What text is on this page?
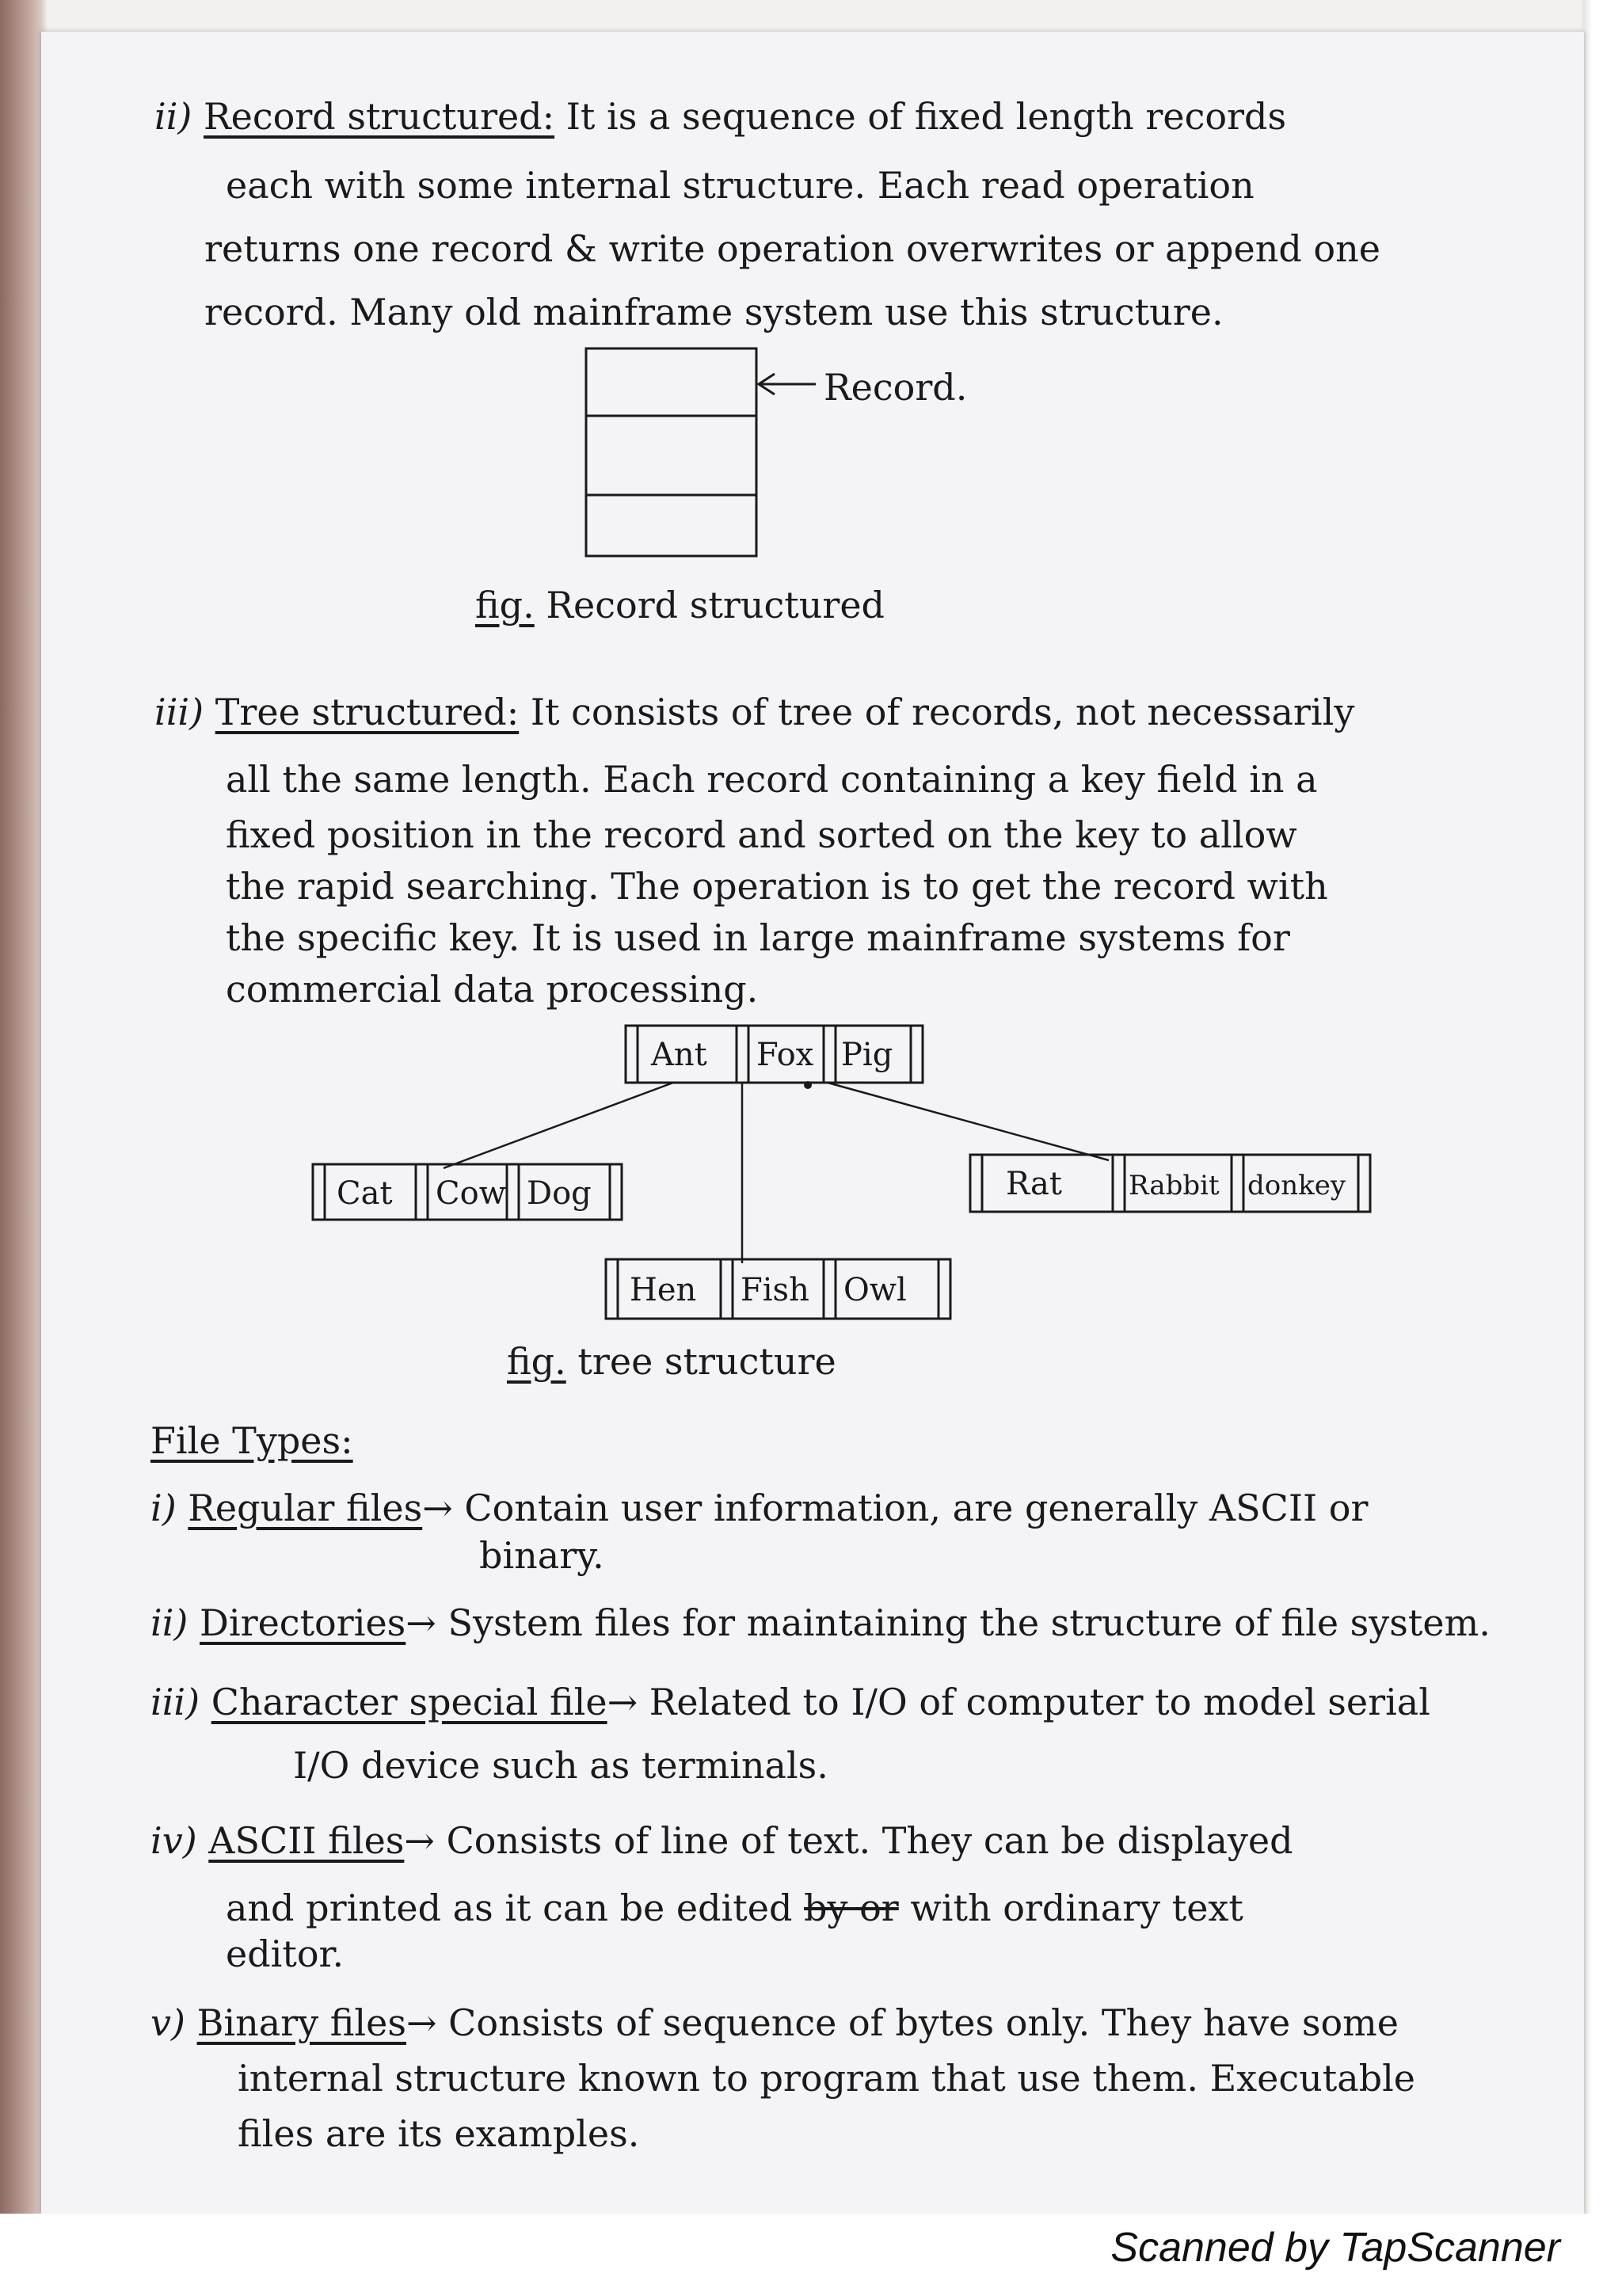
ii) Record structured: It is a sequence of fixed length records
each with some internal structure. Each read operation
returns one record & write operation overwrites or append one
record. Many old mainframe system use this structure.
Record.
fig. Record structured
iii) Tree structured: It consists of tree of records, not necessarily
all the same length. Each record containing a key field in a
fixed position in the record and sorted on the key to allow
the rapid searching. The operation is to get the record with
the specific key. It is used in large mainframe systems for
commercial data processing.
Ant Fox Pig
Cat Cow Dog
Hen Fish Owl
Rat Rabbit donkey
fig. tree structure
File Types:
i) Regular files→ Contain user information, are generally ASCII or
binary.
ii) Directories→ System files for maintaining the structure of file system.
iii) Character special file→ Related to I/O of computer to model serial
I/O device such as terminals.
iv) ASCII files→ Consists of line of text. They can be displayed
and printed as it can be edited by or with ordinary text
editor.
v) Binary files→ Consists of sequence of bytes only. They have some
internal structure known to program that use them. Executable
files are its examples.
Scanned by TapScanner
